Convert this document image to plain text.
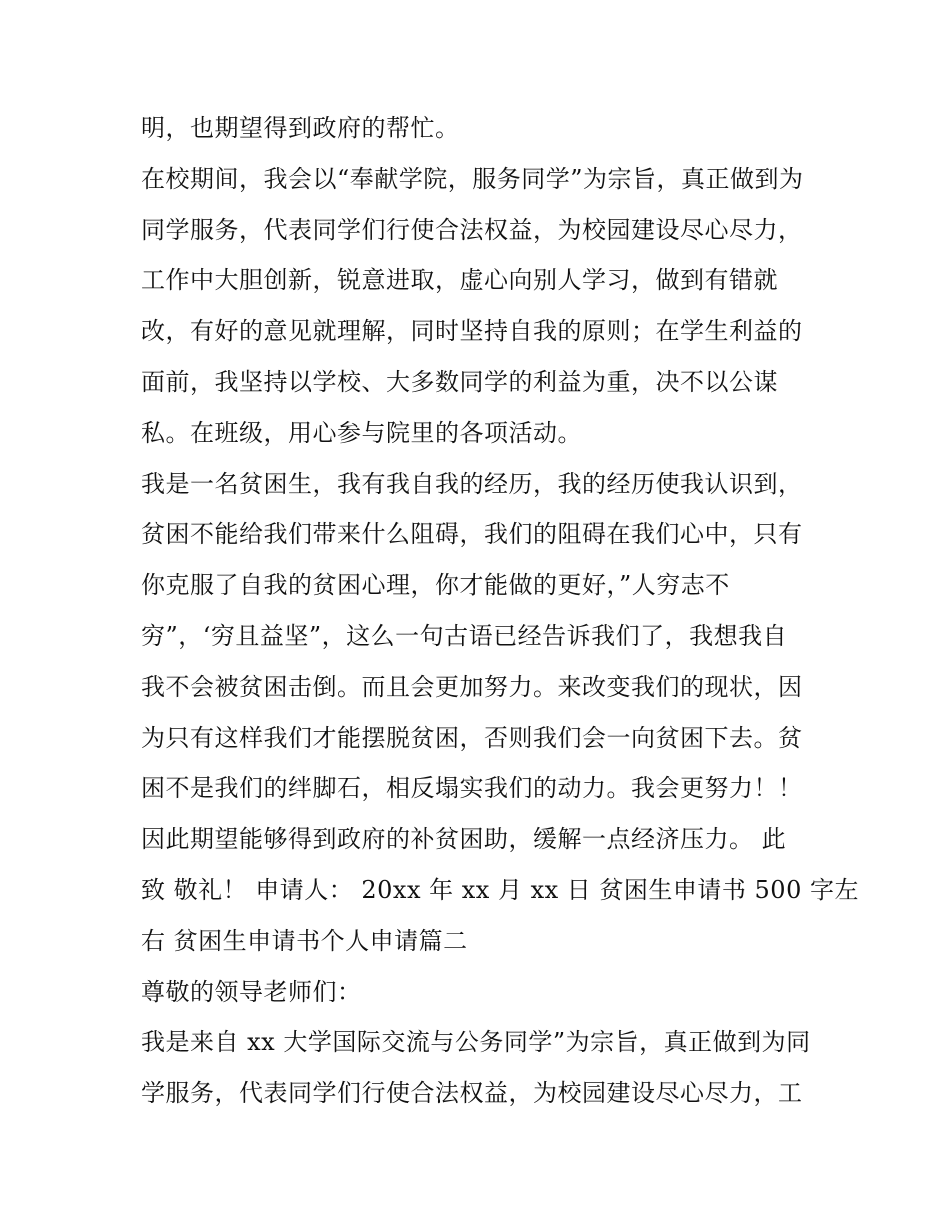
明，也期望得到政府的帮忙。
在校期间，我会以“奉献学院，服务同学”为宗旨，真正做到为
同学服务，代表同学们行使合法权益，为校园建设尽心尽力，
工作中大胆创新，锐意进取，虚心向别人学习，做到有错就
改，有好的意见就理解，同时坚持自我的原则；在学生利益的
面前，我坚持以学校、大多数同学的利益为重，决不以公谋
私。在班级，用心参与院里的各项活动。
我是一名贫困生，我有我自我的经历，我的经历使我认识到，
贫困不能给我们带来什么阻碍，我们的阻碍在我们心中，只有
你克服了自我的贫困心理，你才能做的更好，”人穷志不
穷”，‘穷且益坚”，这么一句古语已经告诉我们了，我想我自
我不会被贫困击倒。而且会更加努力。来改变我们的现状，因
为只有这样我们才能摆脱贫困，否则我们会一向贫困下去。贫
困不是我们的绊脚石，相反塌实我们的动力。我会更努力！！
因此期望能够得到政府的补贫困助，缓解一点经济压力。 此
致 敬礼！ 申请人： 20xx 年 xx 月 xx 日 贫困生申请书 500 字左
右 贫困生申请书个人申请篇二
尊敬的领导老师们：
我是来自 xx 大学国际交流与公务同学”为宗旨，真正做到为同
学服务，代表同学们行使合法权益，为校园建设尽心尽力，工
